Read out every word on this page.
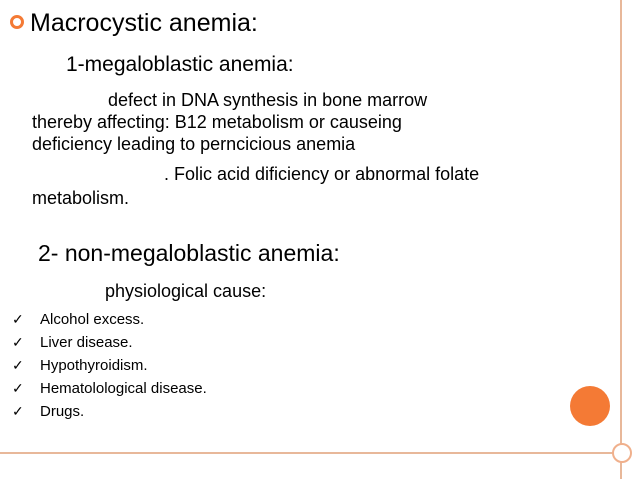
Macrocystic anemia:
1-megaloblastic anemia:
defect in DNA synthesis in bone marrow
thereby affecting: B12 metabolism or causeing
deficiency leading to perncicious anemia
. Folic acid dificiency or abnormal folate
metabolism.
2- non-megaloblastic anemia:
physiological cause:
✓ Alcohol excess.
✓ Liver disease.
✓ Hypothyroidism.
✓ Hematolological disease.
✓ Drugs.
